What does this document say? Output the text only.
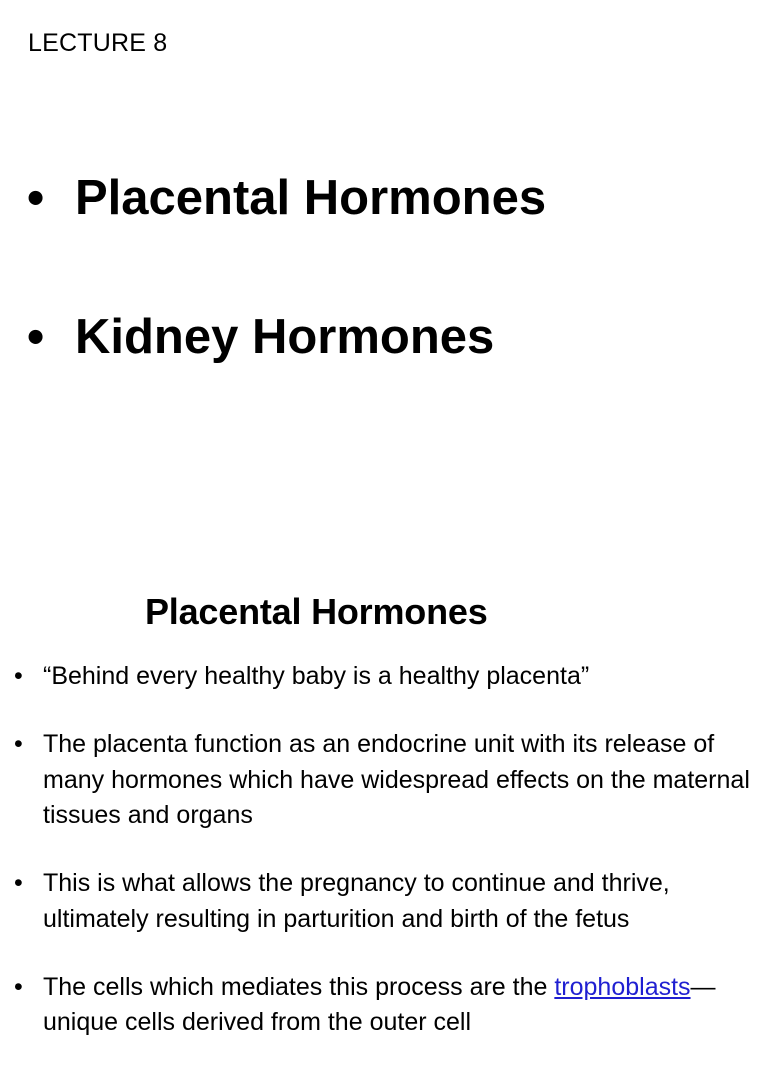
LECTURE 8
• Placental Hormones
• Kidney Hormones
Placental Hormones
• “Behind every healthy baby is a healthy placenta”
• The placenta function as an endocrine unit with its release of many hormones which have widespread effects on the maternal tissues and organs
• This is what allows the pregnancy to continue and thrive, ultimately resulting in parturition and birth of the fetus
• The cells which mediates this process are the trophoblasts—unique cells derived from the outer cell
